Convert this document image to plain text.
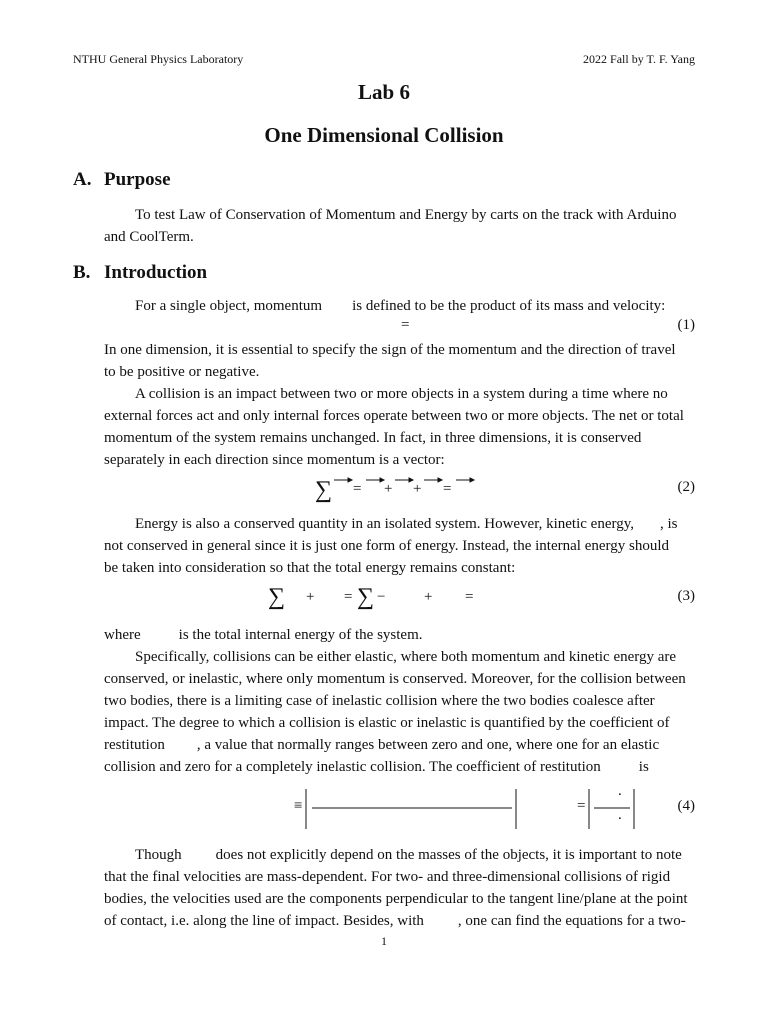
NTHU General Physics Laboratory	2022 Fall by T. F. Yang
Lab 6
One Dimensional Collision
A. Purpose

To test Law of Conservation of Momentum and Energy by carts on the track with Arduino

and CoolTerm.

B. Introduction

For a single object, momentum is defined to be the product of its mass and velocity:

=	(1)

In one dimension, it is essential to specify the sign of the momentum and the direction of travel

to be positive or negative.

A collision is an impact between two or more objects in a system during a time where no

external forces act and only internal forces operate between two or more objects. The net or total

momentum of the system remains unchanged. In fact, in three dimensions, it is conserved

separately in each direction since momentum is a vector:

∑ = + + =	(2)

Energy is also a conserved quantity in an isolated system. However, kinetic energy, , is

not conserved in general since it is just one form of energy. Instead, the internal energy should

be taken into consideration so that the total energy remains constant:

∑ + = ∑ −	+ =	(3)

where	is the total internal energy of the system.

Specifically, collisions can be either elastic, where both momentum and kinetic energy are

conserved, or inelastic, where only momentum is conserved. Moreover, for the collision between

two bodies, there is a limiting case of inelastic collision where the two bodies coalesce after

impact. The degree to which a collision is elastic or inelastic is quantified by the coefficient of

restitution , a value that normally ranges between zero and one, where one for an elastic

collision and zero for a completely inelastic collision. The coefficient of restitution	is

≡	=
.
.
(4)

Though does not explicitly depend on the masses of the objects, it is important to note

that the final velocities are mass-dependent. For two- and three-dimensional collisions of rigid

bodies, the velocities used are the components perpendicular to the tangent line/plane at the point

of contact, i.e. along the line of impact. Besides, with , one can find the equations for a two-

1
